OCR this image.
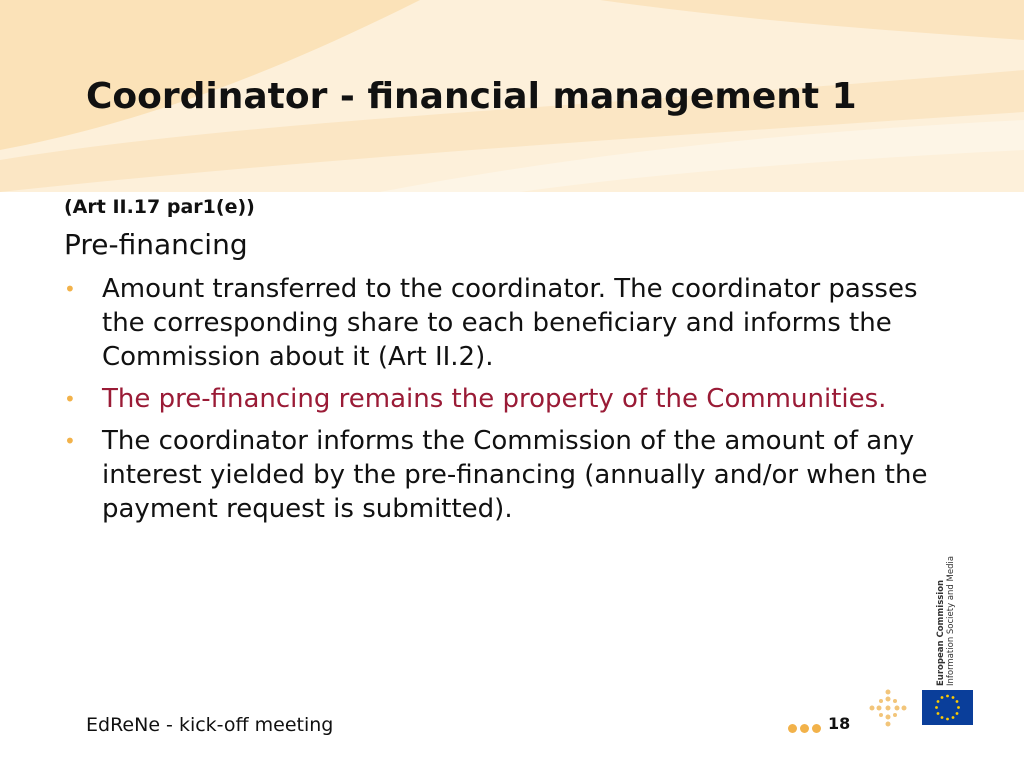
Coordinator - financial management 1
(Art II.17 par1(e))
Pre-financing
• Amount transferred to the coordinator. The coordinator passes the corresponding share to each beneficiary and informs the Commission about it (Art II.2).
• The pre-financing remains the property of the Communities.
• The coordinator informs the Commission of the amount of any interest yielded by the pre-financing (annually and/or when the payment request is submitted).
EdReNe - kick-off meeting	18
European Commission Information Society and Media
